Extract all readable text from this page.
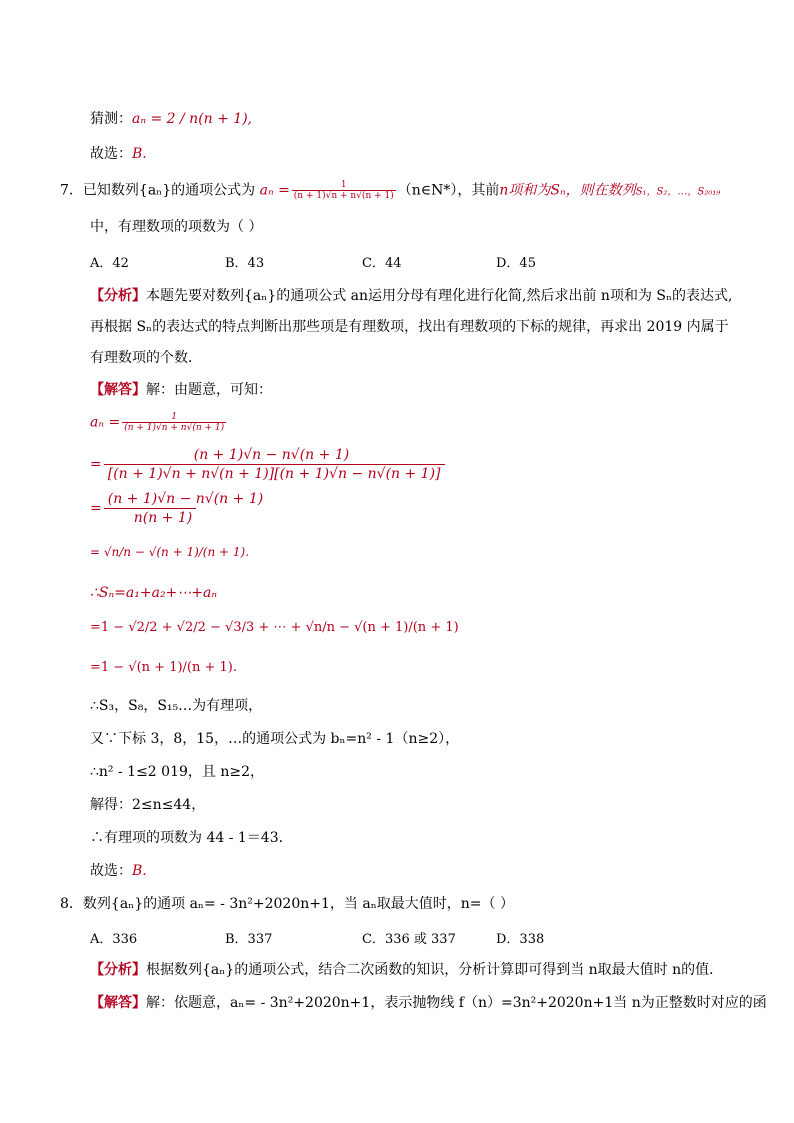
猜测：aₙ = 2 / n(n + 1),
故选：B.
7．已知数列{aₙ}的通项公式为 $a_n = \frac{1}{(n + 1)√n + n√(n + 1)}$ （n∈N*），其前n项和为Sₙ，则在数列S₁，S₂，…，S₂₀₁₉
中，有理数项的项数为（ ）
A．42	B．43	C．44	D．45
【分析】本题先要对数列{aₙ}的通项公式 an运用分母有理化进行化简,然后求出前 n项和为 Sₙ的表达式,
再根据 Sₙ的表达式的特点判断出那些项是有理数项，找出有理数项的下标的规律，再求出 2019 内属于
有理数项的个数．
【解答】解：由题意，可知：
$a_n = \frac{1}{(n + 1)√n + n√(n + 1)}$
= $\frac{(n + 1)√n - n√(n + 1)}{[(n + 1)√n + n√(n + 1)][(n + 1)√n - n√(n + 1)]}$
= $\frac{(n + 1)√n - n√(n + 1)}{n(n + 1)}$
= √n/n − √(n + 1)/(n + 1).
∴Sₙ=a₁+a₂+⋯+aₙ
=1 − √2/2 + √2/2 − √3/3 + ⋯ + √n/n − √(n + 1)/(n + 1)
=1 − √(n + 1)/(n + 1).
∴S₃，S₈，S₁₅…为有理项，
又∵下标 3，8，15，…的通项公式为 bₙ=n² - 1（n≥2），
∴n² - 1≤2 019，且 n≥2，
解得：2≤n≤44，
∴有理项的项数为 44 - 1＝43．
故选：B.
8．数列{aₙ}的通项 aₙ= - 3n²+2020n+1，当 aₙ取最大值时，n=（ ）
A．336	B．337	C．336 或 337	D．338
【分析】根据数列{aₙ}的通项公式，结合二次函数的知识，分析计算即可得到当 n取最大值时 n的值．
【解答】解：依题意，aₙ= - 3n²+2020n+1，表示抛物线 f（n）=3n²+2020n+1当 n为正整数时对应的函
